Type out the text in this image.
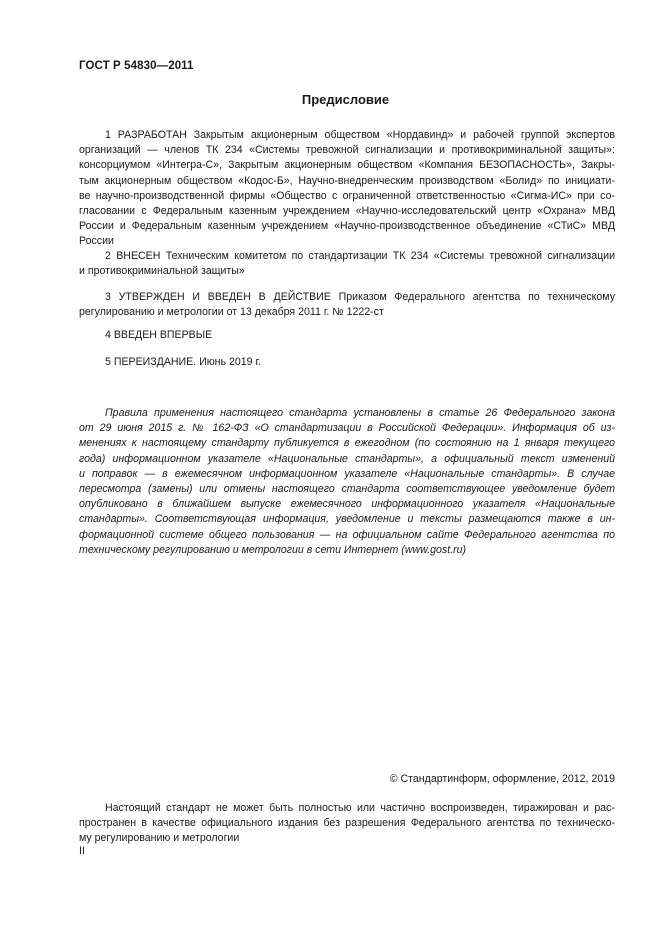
ГОСТ Р 54830—2011
Предисловие
1 РАЗРАБОТАН Закрытым акционерным обществом «Нордавинд» и рабочей группой экспертов
организаций — членов ТК 234 «Системы тревожной сигнализации и противокриминальной защиты»:
консорциумом «Интегра-С», Закрытым акционерным обществом «Компания БЕЗОПАСНОСТЬ», Закры-
тым акционерным обществом «Кодос-Б», Научно-внедренческим производством «Болид» по инициати-
ве научно-производственной фирмы «Общество с ограниченной ответственностью «Сигма-ИС» при со-
гласовании с Федеральным казенным учреждением «Научно-исследовательский центр «Охрана» МВД
России и Федеральным казенным учреждением «Научно-производственное объединение «СТиС» МВД
России
2 ВНЕСЕН Техническим комитетом по стандартизации ТК 234 «Системы тревожной сигнализации
и противокриминальной защиты»
3 УТВЕРЖДЕН И ВВЕДЕН В ДЕЙСТВИЕ Приказом Федерального агентства по техническому
регулированию и метрологии от 13 декабря 2011 г. № 1222-ст
4 ВВЕДЕН ВПЕРВЫЕ
5 ПЕРЕИЗДАНИЕ. Июнь 2019 г.
Правила применения настоящего стандарта установлены в статье 26 Федерального закона
от 29 июня 2015 г. № 162-ФЗ «О стандартизации в Российской Федерации». Информация об из-
менениях к настоящему стандарту публикуется в ежегодном (по состоянию на 1 января текущего
года) информационном указателе «Национальные стандарты», а официальный текст изменений
и поправок — в ежемесячном информационном указателе «Национальные стандарты». В случае
пересмотра (замены) или отмены настоящего стандарта соответствующее уведомление будет
опубликовано в ближайшем выпуске ежемесячного информационного указателя «Национальные
стандарты». Соответствующая информация, уведомление и тексты размещаются также в ин-
формационной системе общего пользования — на официальном сайте Федерального агентства по
техническому регулированию и метрологии в сети Интернет (www.gost.ru)
© Стандартинформ, оформление, 2012, 2019
Настоящий стандарт не может быть полностью или частично воспроизведен, тиражирован и рас-
пространен в качестве официального издания без разрешения Федерального агентства по техническо-
му регулированию и метрологии
II
